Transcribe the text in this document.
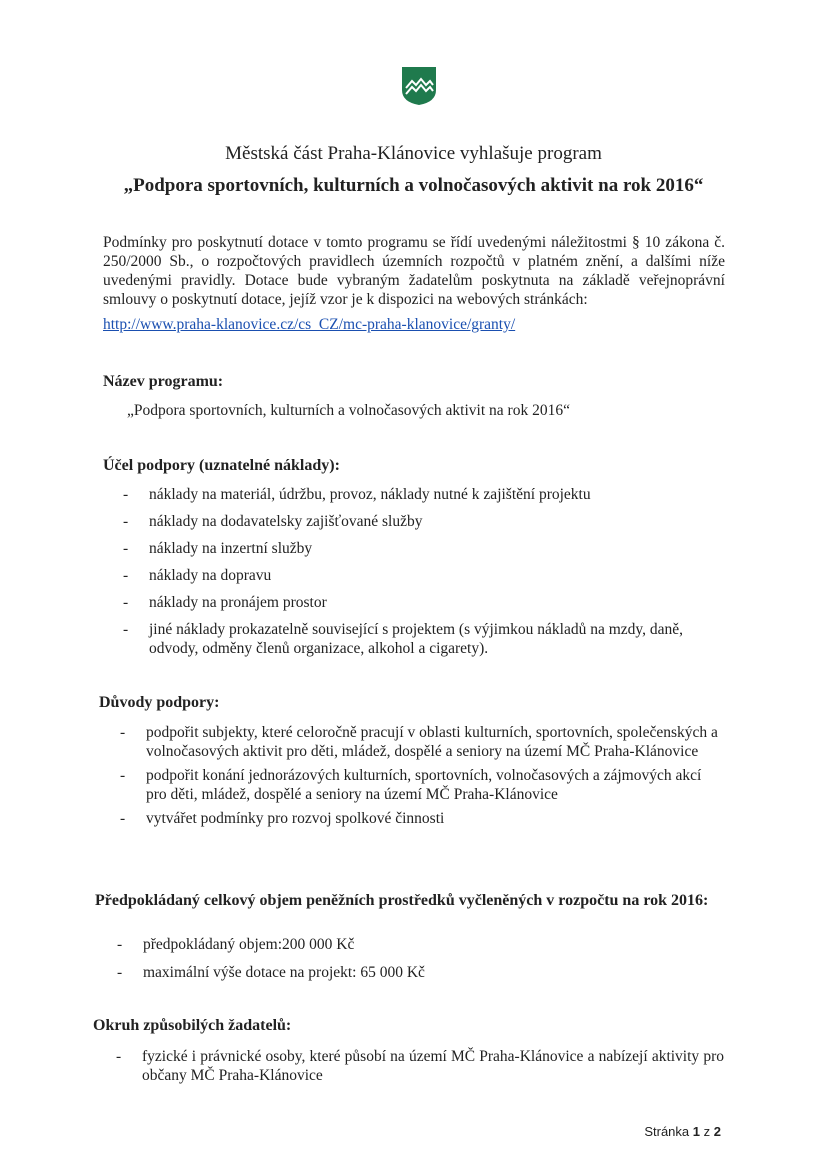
Městská část Praha-Klánovice vyhlašuje program
„Podpora sportovních, kulturních a volnočasových aktivit na rok 2016“
Podmínky pro poskytnutí dotace v tomto programu se řídí uvedenými náležitostmi § 10 zákona č. 250/2000 Sb., o rozpočtových pravidlech územních rozpočtů v platném znění, a dalšími níže uvedenými pravidly. Dotace bude vybraným žadatelům poskytnuta na základě veřejnoprávní smlouvy o poskytnutí dotace, jejíž vzor je k dispozici na webových stránkách:
http://www.praha-klanovice.cz/cs_CZ/mc-praha-klanovice/granty/
Název programu:
„Podpora sportovních, kulturních a volnočasových aktivit na rok 2016“
Účel podpory (uznatelné náklady):
- náklady na materiál, údržbu, provoz, náklady nutné k zajištění projektu
- náklady na dodavatelsky zajišťované služby
- náklady na inzertní služby
- náklady na dopravu
- náklady na pronájem prostor
- jiné náklady prokazatelně související s projektem (s výjimkou nákladů na mzdy, daně, odvody, odměny členů organizace, alkohol a cigarety).
Důvody podpory:
- podpořit subjekty, které celoročně pracují v oblasti kulturních, sportovních, společenských a volnočasových aktivit pro děti, mládež, dospělé a seniory na území MČ Praha-Klánovice
- podpořit konání jednorázových kulturních, sportovních, volnočasových a zájmových akcí pro děti, mládež, dospělé a seniory na území MČ Praha-Klánovice
- vytvářet podmínky pro rozvoj spolkové činnosti
Předpokládaný celkový objem peněžních prostředků vyčleněných v rozpočtu na rok 2016:
- předpokládaný objem:200 000 Kč
- maximální výše dotace na projekt: 65 000 Kč
Okruh způsobilých žadatelů:
- fyzické i právnické osoby, které působí na území MČ Praha-Klánovice a nabízejí aktivity pro občany MČ Praha-Klánovice
Stránka 1 z 2
